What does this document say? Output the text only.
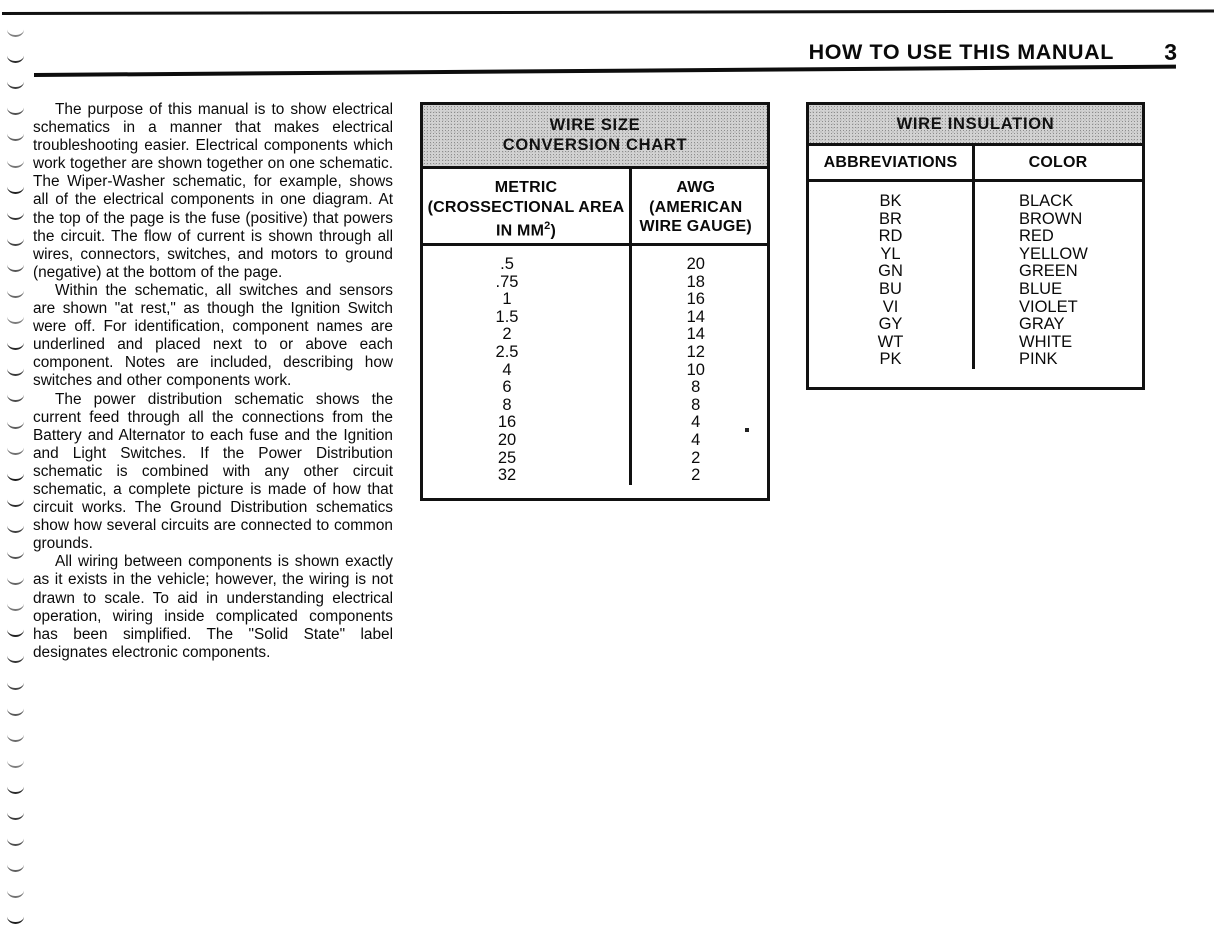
HOW TO USE THIS MANUAL 3

The purpose of this manual is to show electrical schematics in a manner that makes electrical troubleshooting easier. Electrical components which work together are shown together on one schematic. The Wiper-Washer schematic, for example, shows all of the electrical components in one diagram. At the top of the page is the fuse (positive) that powers the circuit. The flow of current is shown through all wires, connectors, switches, and motors to ground (negative) at the bottom of the page.

Within the schematic, all switches and sensors are shown "at rest," as though the Ignition Switch were off. For identification, component names are underlined and placed next to or above each component. Notes are included, describing how switches and other components work.

The power distribution schematic shows the current feed through all the connections from the Battery and Alternator to each fuse and the Ignition and Light Switches. If the Power Distribution schematic is combined with any other circuit schematic, a complete picture is made of how that circuit works. The Ground Distribution schematics show how several circuits are connected to common grounds.

All wiring between components is shown exactly as it exists in the vehicle; however, the wiring is not drawn to scale. To aid in understanding electrical operation, wiring inside complicated components has been simplified. The "Solid State" label designates electronic components.

WIRE SIZE
CONVERSION CHART
METRIC
(CROSSECTIONAL AREA
IN $MM^2$)
AWG
(AMERICAN
WIRE GAUGE)
.5
.75
1
1.5
2
2.5
4
6
8
16
20
25
32
20
18
16
14
14
12
10
8
8
4
4
2
2
WIRE INSULATION
ABBREVIATIONS	COLOR
BK
BR
RD
YL
GN
BU
VI
GY
WT
PK
BLACK
BROWN
RED
YELLOW
GREEN
BLUE
VIOLET
GRAY
WHITE
PINK
